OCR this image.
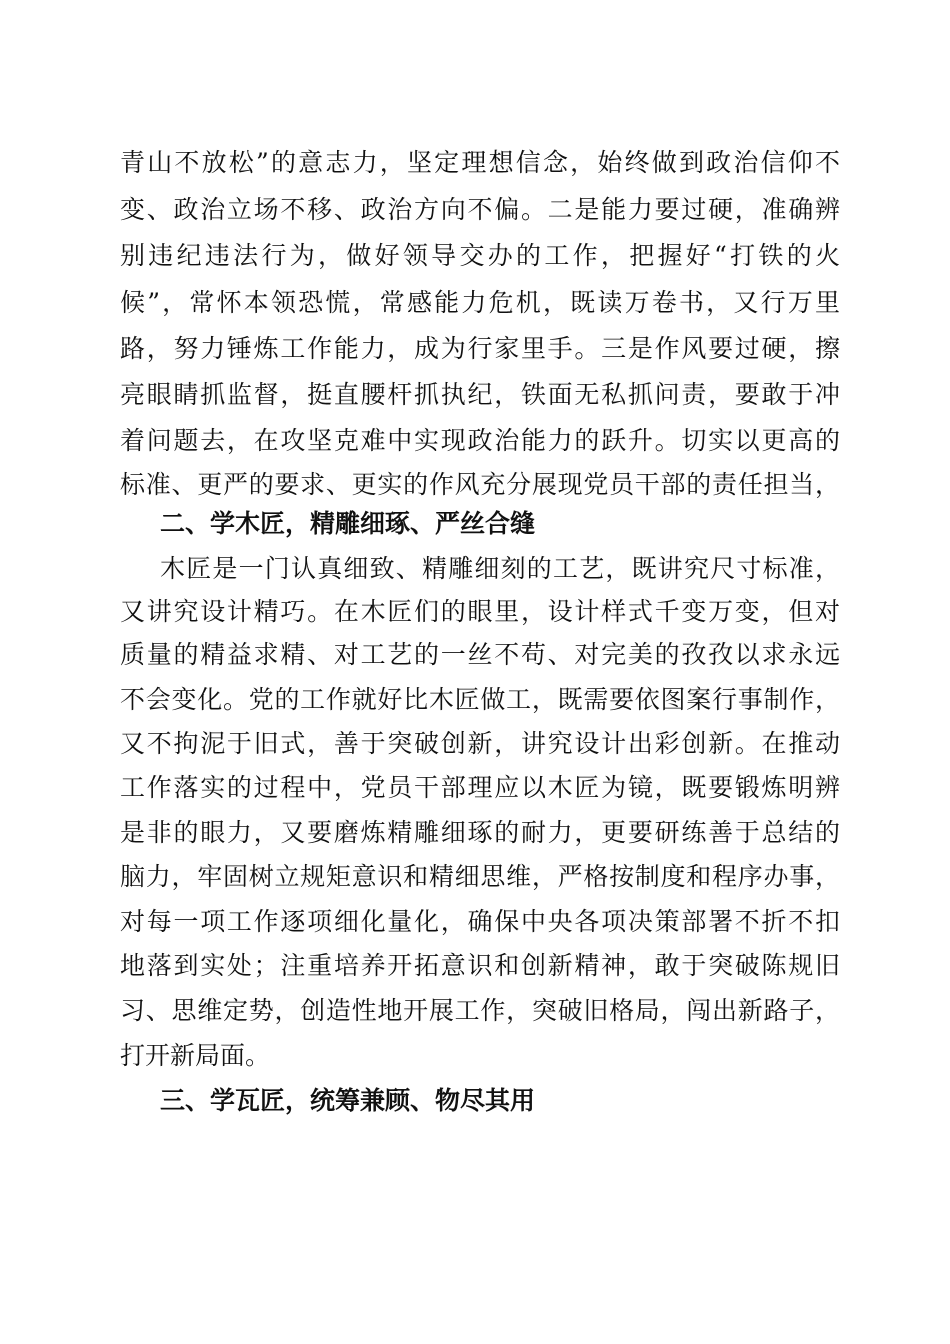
青山不放松”的意志力，坚定理想信念，始终做到政治信仰不
变、政治立场不移、政治方向不偏。二是能力要过硬，准确辨
别违纪违法行为，做好领导交办的工作，把握好“打铁的火
候”，常怀本领恐慌，常感能力危机，既读万卷书，又行万里
路，努力锤炼工作能力，成为行家里手。三是作风要过硬，擦
亮眼睛抓监督，挺直腰杆抓执纪，铁面无私抓问责，要敢于冲
着问题去，在攻坚克难中实现政治能力的跃升。切实以更高的
标准、更严的要求、更实的作风充分展现党员干部的责任担当，
二、学木匠，精雕细琢、严丝合缝
木匠是一门认真细致、精雕细刻的工艺，既讲究尺寸标准，
又讲究设计精巧。在木匠们的眼里，设计样式千变万变，但对
质量的精益求精、对工艺的一丝不苟、对完美的孜孜以求永远
不会变化。党的工作就好比木匠做工，既需要依图案行事制作，
又不拘泥于旧式，善于突破创新，讲究设计出彩创新。在推动
工作落实的过程中，党员干部理应以木匠为镜，既要锻炼明辨
是非的眼力，又要磨炼精雕细琢的耐力，更要研练善于总结的
脑力，牢固树立规矩意识和精细思维，严格按制度和程序办事，
对每一项工作逐项细化量化，确保中央各项决策部署不折不扣
地落到实处；注重培养开拓意识和创新精神，敢于突破陈规旧
习、思维定势，创造性地开展工作，突破旧格局，闯出新路子，
打开新局面。
三、学瓦匠，统筹兼顾、物尽其用
